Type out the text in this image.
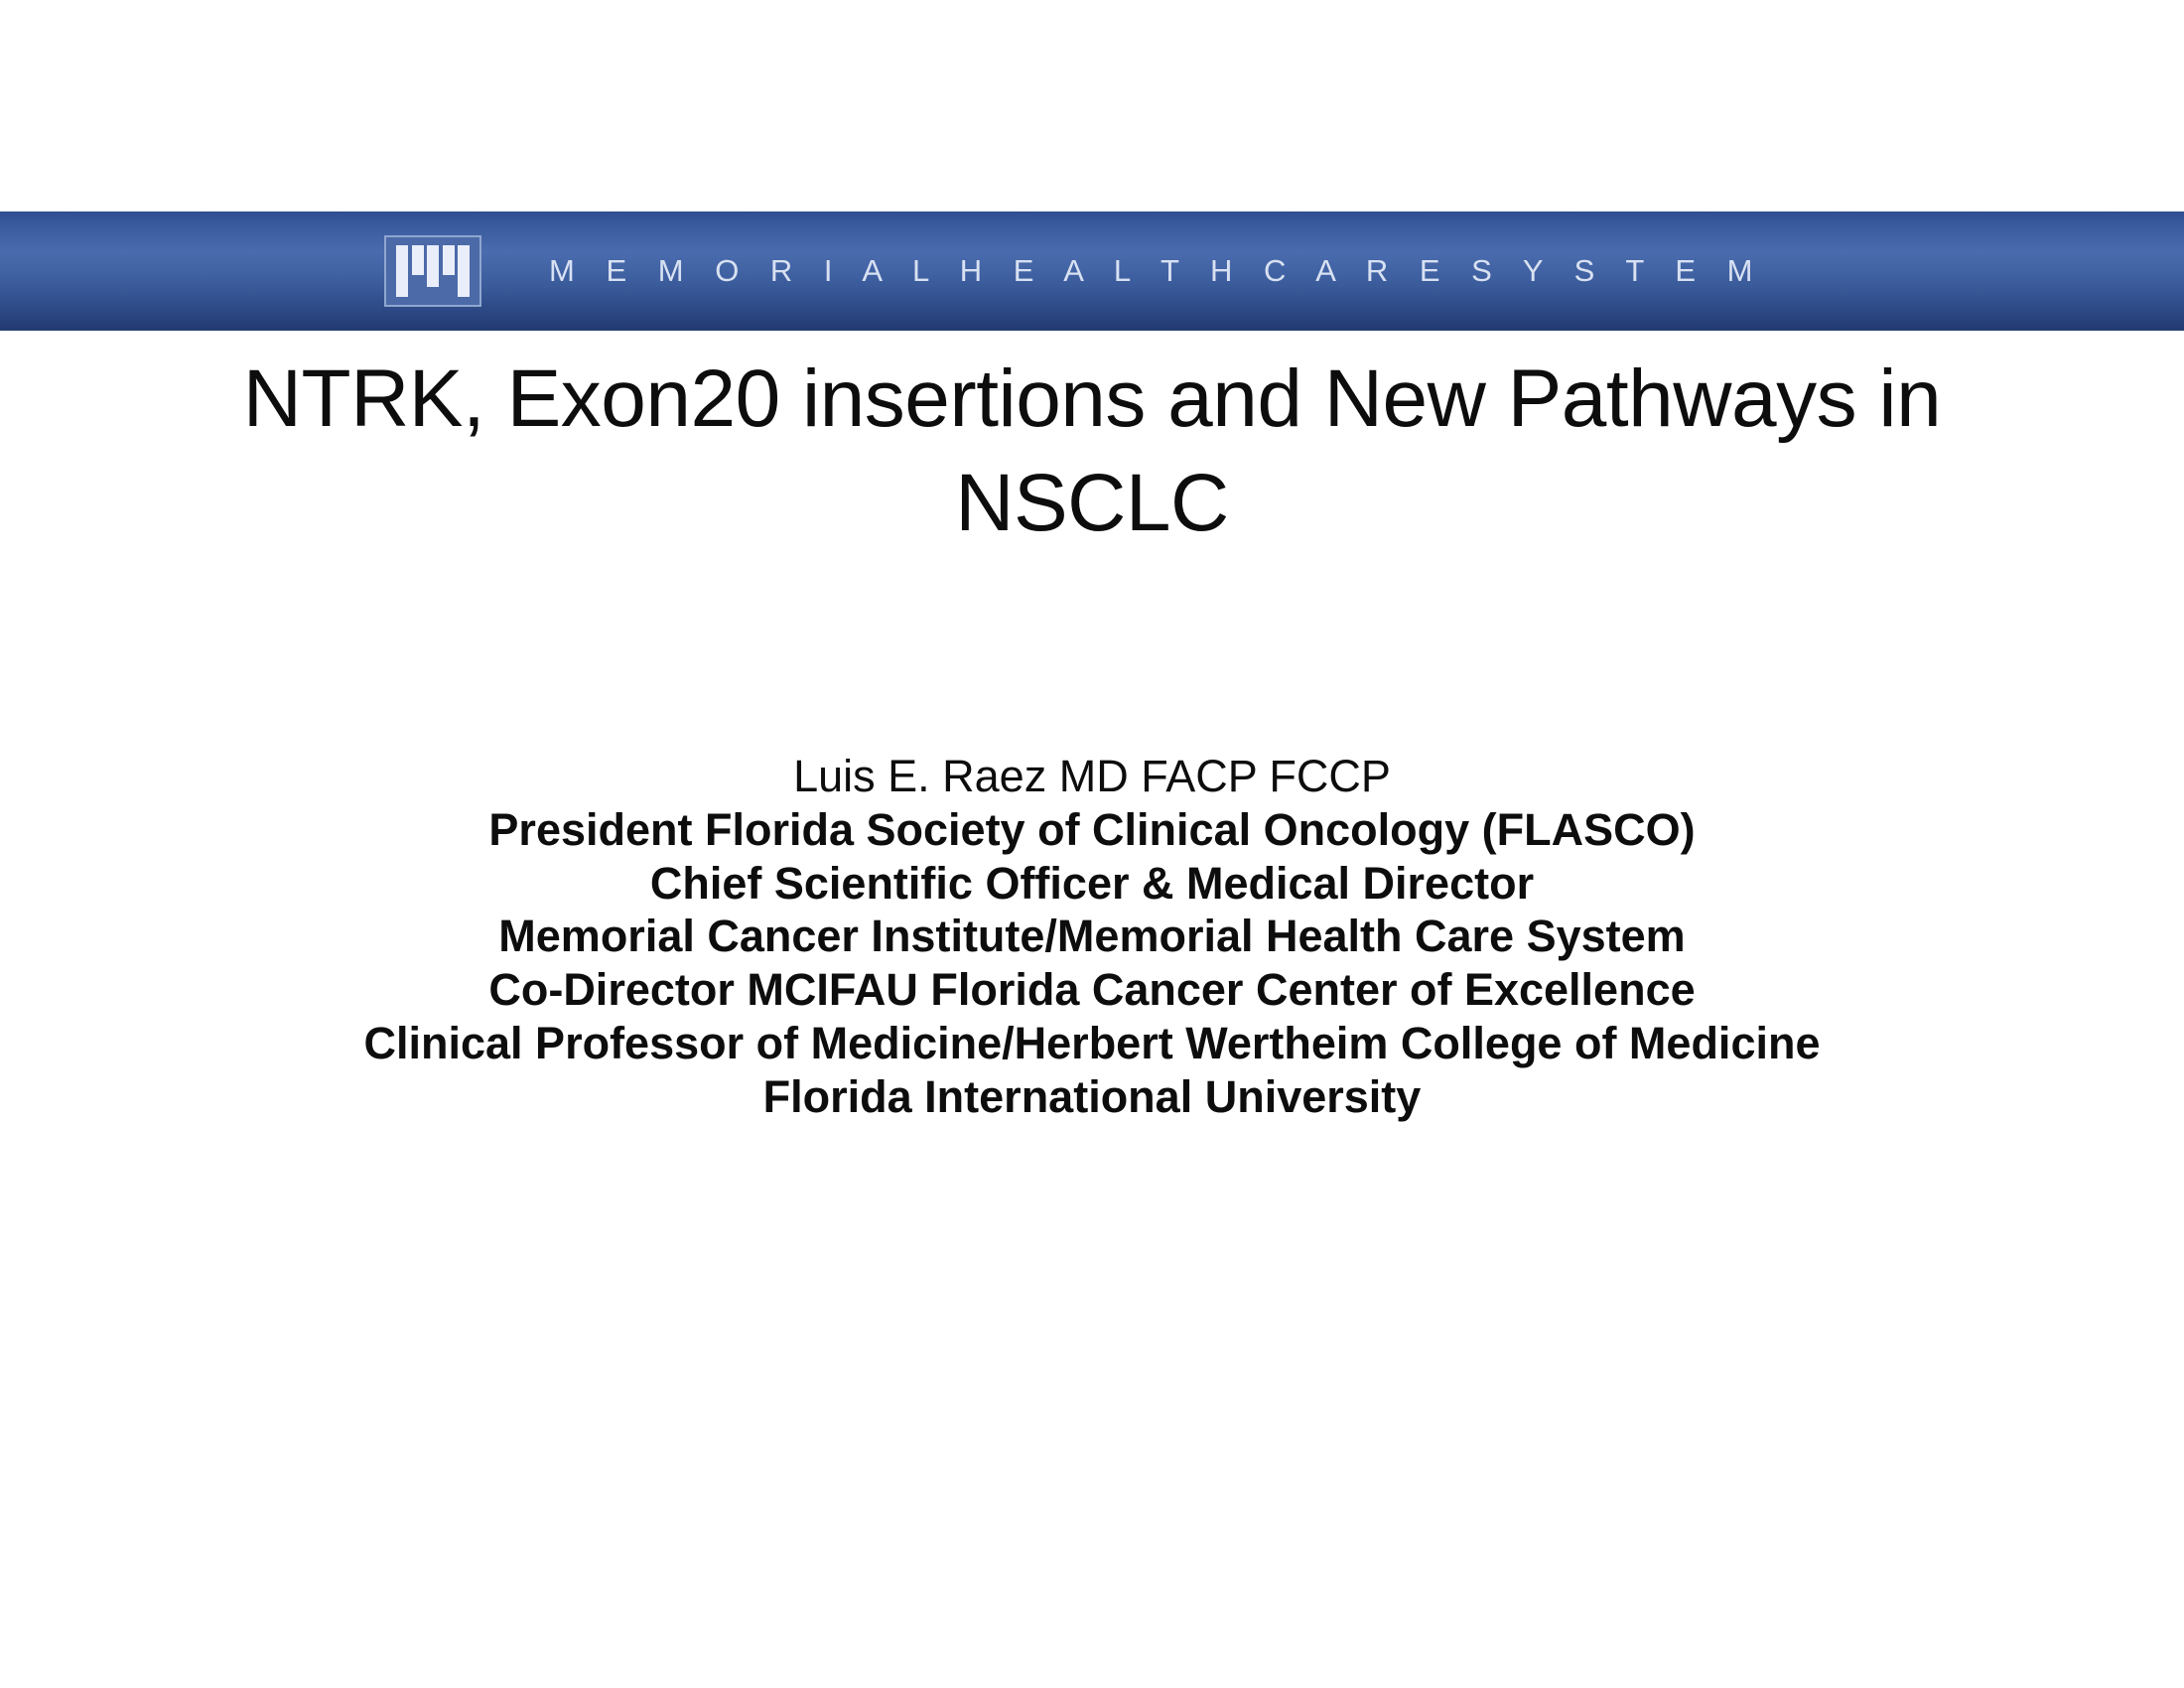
M E M O R I A L H E A L T H C A R E S Y S T E M
NTRK, Exon20 insertions and New Pathways in NSCLC
Luis E. Raez MD FACP FCCP
President Florida Society of Clinical Oncology (FLASCO)
Chief Scientific Officer & Medical Director
Memorial Cancer Institute/Memorial Health Care System
Co-Director MCIFAU Florida Cancer Center of Excellence
Clinical Professor of Medicine/Herbert Wertheim College of Medicine
Florida International University
